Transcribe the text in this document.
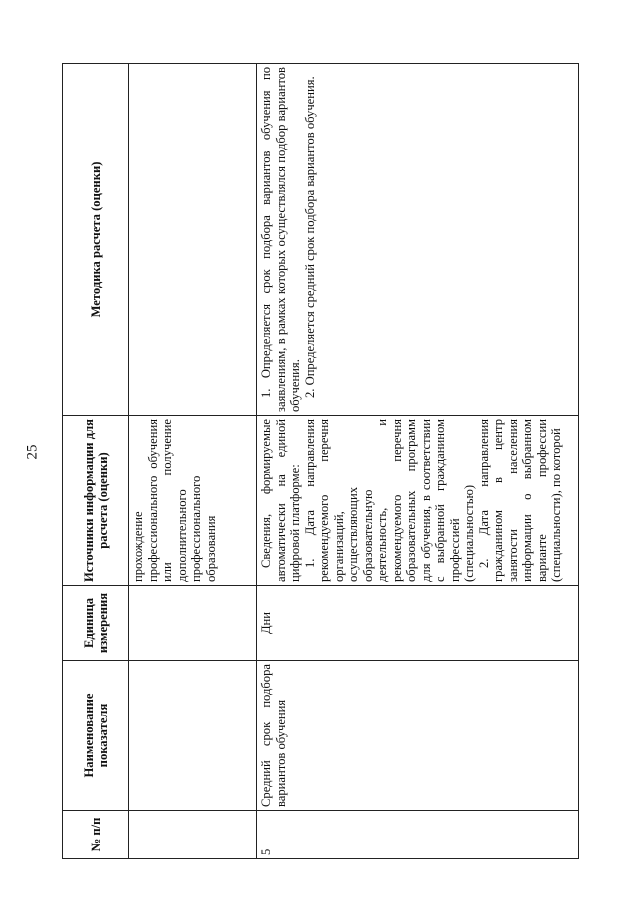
25
№ п/п	Наименование показателя	Единица измерения	Источники информации для расчета (оценки)	Методика расчета (оценки)
			прохождение профессионального обучения или получение дополнительного профессионального образования	
5	Средний срок подбора вариантов обучения	Дни	Сведения, формируемые автоматически на единой цифровой платформе: 1. Дата направления рекомендуемого перечня организаций, осуществляющих образовательную деятельность, и рекомендуемого перечня образовательных программ для обучения, в соответствии с выбранной гражданином профессией (специальностью) 2. Дата направления гражданином в центр занятости населения информации о выбранном варианте профессии (специальности), по которой	1. Определяется срок подбора вариантов обучения по заявлениям, в рамках которых осуществлялся подбор вариантов обучения. 2. Определяется средний срок подбора вариантов обучения.
